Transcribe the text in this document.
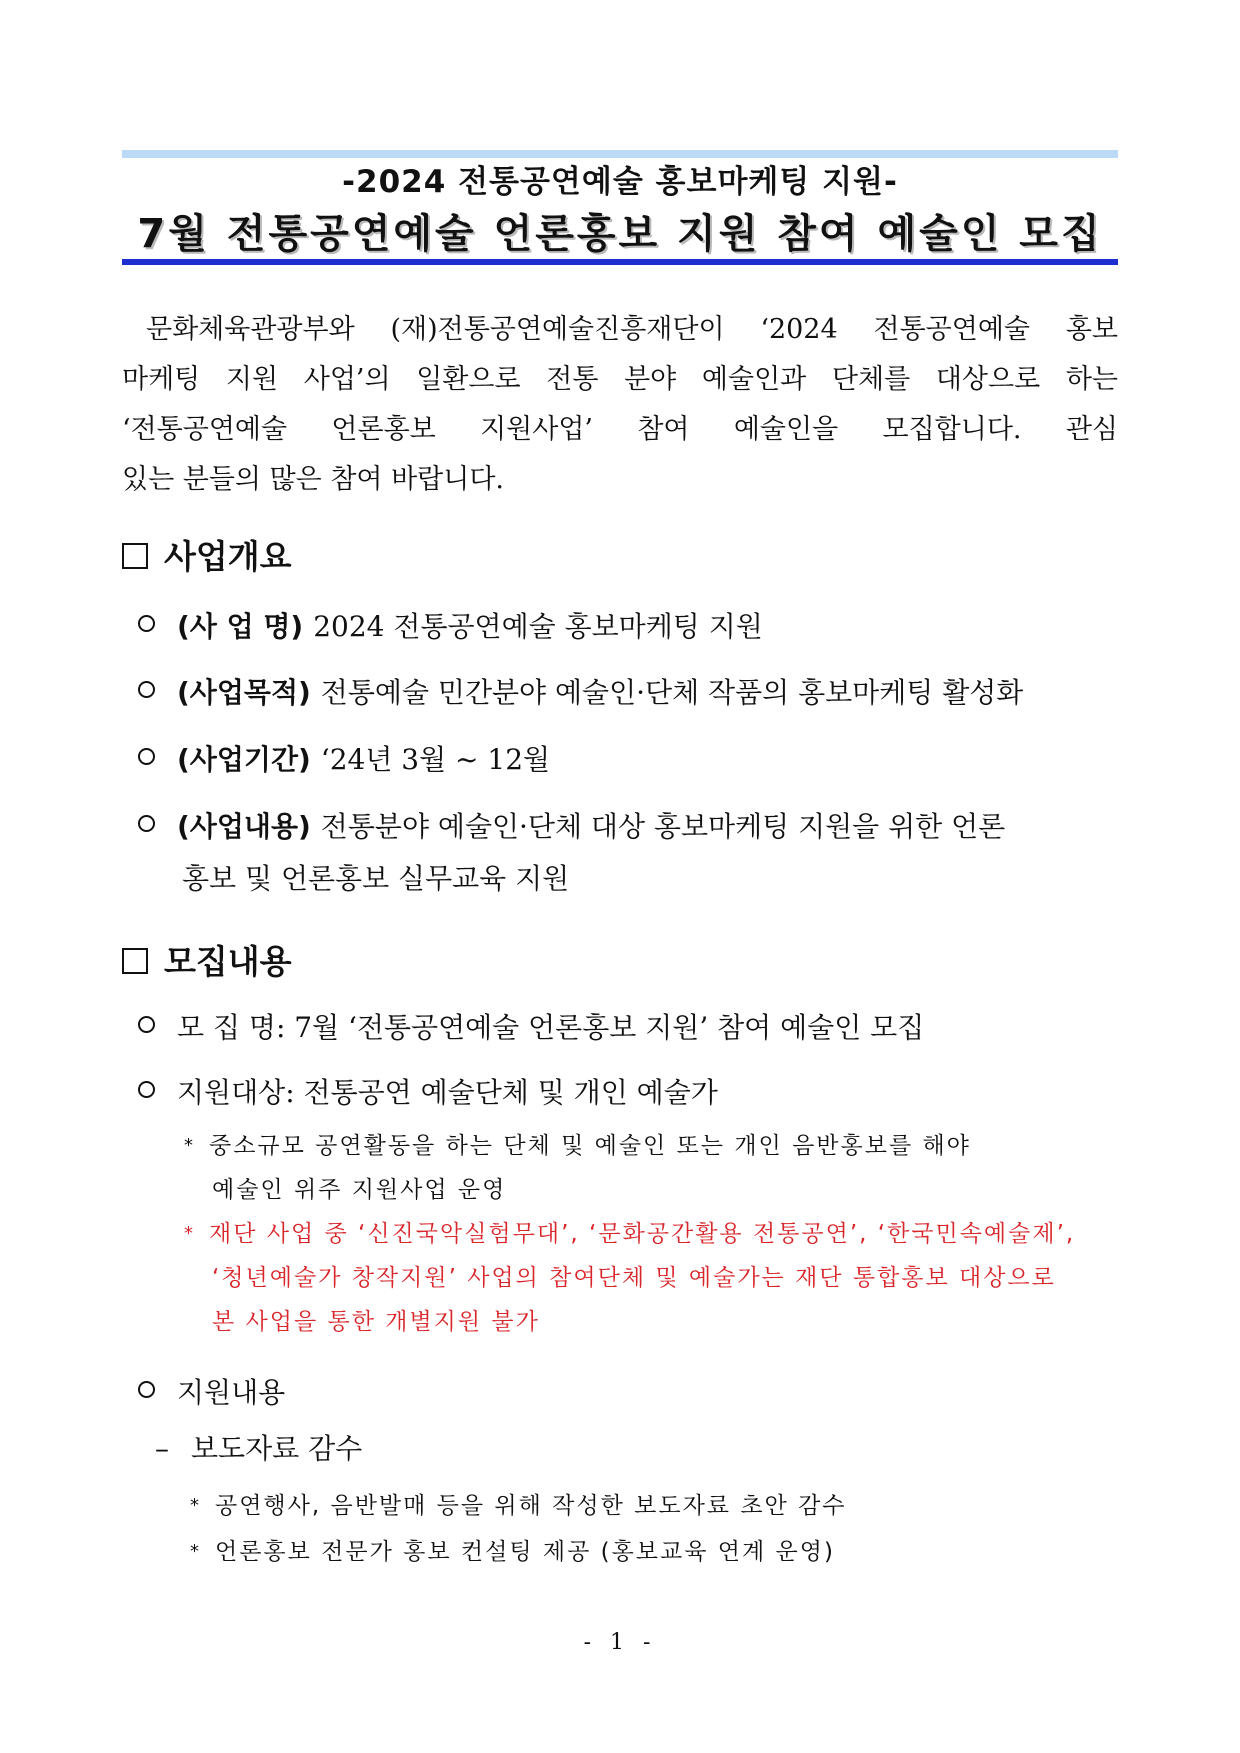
-2024 전통공연예술 홍보마케팅 지원-
7월 전통공연예술 언론홍보 지원 참여 예술인 모집

문화체육관광부와 (재)전통공연예술진흥재단이 ‘2024 전통공연예술 홍보

마케팅 지원 사업’의 일환으로 전통 분야 예술인과 단체를 대상으로 하는

‘전통공연예술 언론홍보 지원사업’ 참여 예술인을 모집합니다. 관심

있는 분들의 많은 참여 바랍니다.

사업개요
(사 업 명) 2024 전통공연예술 홍보마케팅 지원
(사업목적) 전통예술 민간분야 예술인·단체 작품의 홍보마케팅 활성화
(사업기간) ‘24년 3월 ~ 12월
(사업내용) 전통분야 예술인·단체 대상 홍보마케팅 지원을 위한 언론
홍보 및 언론홍보 실무교육 지원
모집내용
모 집 명: 7월 ‘전통공연예술 언론홍보 지원’ 참여 예술인 모집
지원대상: 전통공연 예술단체 및 개인 예술가
* 중소규모 공연활동을 하는 단체 및 예술인 또는 개인 음반홍보를 해야
예술인 위주 지원사업 운영
* 재단 사업 중 ‘신진국악실험무대’, ‘문화공간활용 전통공연’, ‘한국민속예술제’,
‘청년예술가 창작지원’ 사업의 참여단체 및 예술가는 재단 통합홍보 대상으로
본 사업을 통한 개별지원 불가
지원내용
– 보도자료 감수
* 공연행사, 음반발매 등을 위해 작성한 보도자료 초안 감수
* 언론홍보 전문가 홍보 컨설팅 제공 (홍보교육 연계 운영)
- 1 -
